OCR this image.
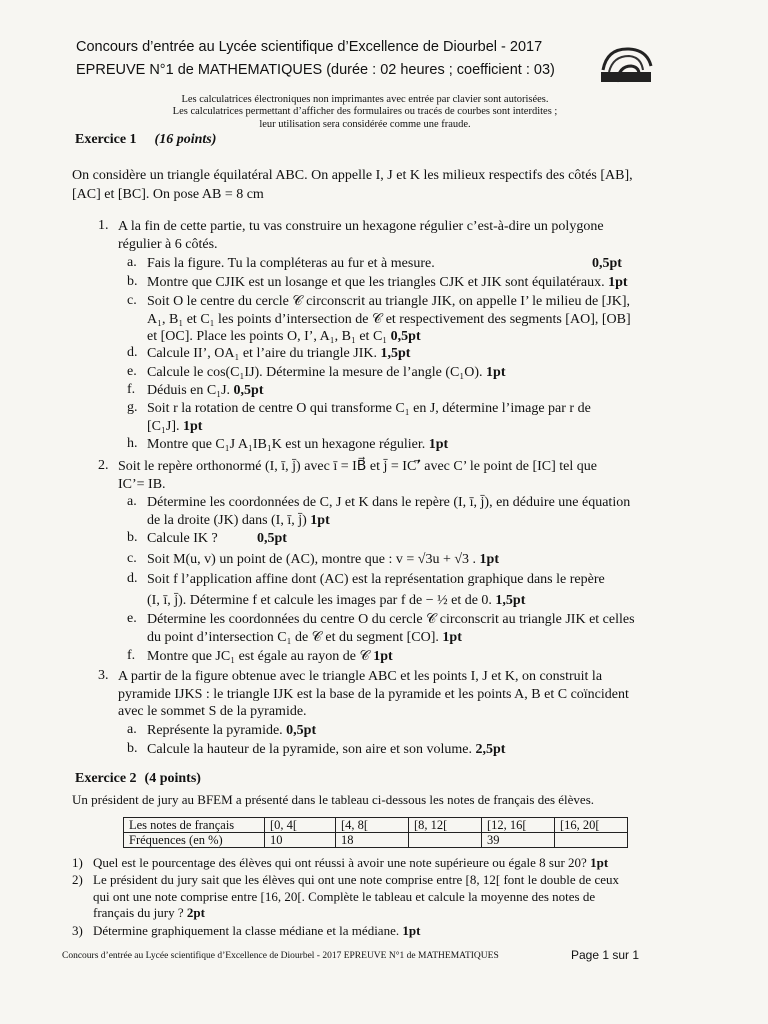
Concours d’entrée au Lycée scientifique d’Excellence de Diourbel - 2017
EPREUVE N°1 de MATHEMATIQUES (durée : 02 heures ; coefficient : 03)
Les calculatrices électroniques non imprimantes avec entrée par clavier sont autorisées.
Les calculatrices permettant d’afficher des formulaires ou tracés de courbes sont interdites ;
leur utilisation sera considérée comme une fraude.
Exercice 1 (16 points)
On considère un triangle équilatéral ABC. On appelle I, J et K les milieux respectifs des côtés [AB],
[AC] et [BC]. On pose AB = 8 cm
1. A la fin de cette partie, tu vas construire un hexagone régulier c’est-à-dire un polygone
régulier à 6 côtés.
a. Fais la figure. Tu la compléteras au fur et à mesure.	0,5pt
b. Montre que CJIK est un losange et que les triangles CJK et JIK sont équilatéraux. 1pt
c. Soit O le centre du cercle 𝒞 circonscrit au triangle JIK, on appelle I’ le milieu de [JK],
A₁, B₁ et C₁ les points d’intersection de 𝒞 et respectivement des segments [AO], [OB]
et [OC]. Place les points O, I’, A₁, B₁ et C₁ 0,5pt
d. Calcule II’, OA₁ et l’aire du triangle JIK. 1,5pt
e. Calcule le cos(C₁IJ). Détermine la mesure de l’angle (C₁O). 1pt
f. Déduis en C₁J. 0,5pt
g. Soit r la rotation de centre O qui transforme C₁ en J, détermine l’image par r de
[C₁J]. 1pt
h. Montre que C₁J A₁IB₁K est un hexagone régulier. 1pt
2. Soit le repère orthonormé (I, ī, j̄) avec ī = IB⃗ et j̄ = IC’⃗ avec C’ le point de [IC] tel que
IC’= IB.
a. Détermine les coordonnées de C, J et K dans le repère (I, ī, j̄), en déduire une équation
de la droite (JK) dans (I, ī, j̄) 1pt
b. Calcule IK ?	0,5pt
c. Soit M(u, v) un point de (AC), montre que : v = √3u + √3 . 1pt
d. Soit f l’application affine dont (AC) est la représentation graphique dans le repère
(I, ī, j̄). Détermine f et calcule les images par f de − ½ et de 0. 1,5pt
e. Détermine les coordonnées du centre O du cercle 𝒞 circonscrit au triangle JIK et celles
du point d’intersection C₁ de 𝒞 et du segment [CO]. 1pt
f. Montre que JC₁ est égale au rayon de 𝒞 1pt
3. A partir de la figure obtenue avec le triangle ABC et les points I, J et K, on construit la
pyramide IJKS : le triangle IJK est la base de la pyramide et les points A, B et C coïncident
avec le sommet S de la pyramide.
a. Représente la pyramide. 0,5pt
b. Calcule la hauteur de la pyramide, son aire et son volume. 2,5pt
Exercice 2 (4 points)
Un président de jury au BFEM a présenté dans le tableau ci-dessous les notes de français des élèves.
Les notes de français	[0, 4[	[4, 8[	[8, 12[	[12, 16[	[16, 20[
Fréquences (en %)	10	18		39	
1) Quel est le pourcentage des élèves qui ont réussi à avoir une note supérieure ou égale 8 sur 20? 1pt
2) Le président du jury sait que les élèves qui ont une note comprise entre [8, 12[ font le double de ceux
qui ont une note comprise entre [16, 20[. Complète le tableau et calcule la moyenne des notes de
français du jury ? 2pt
3) Détermine graphiquement la classe médiane et la médiane. 1pt
Concours d’entrée au Lycée scientifique d’Excellence de Diourbel - 2017 EPREUVE N°1 de MATHEMATIQUES	Page 1 sur 1
